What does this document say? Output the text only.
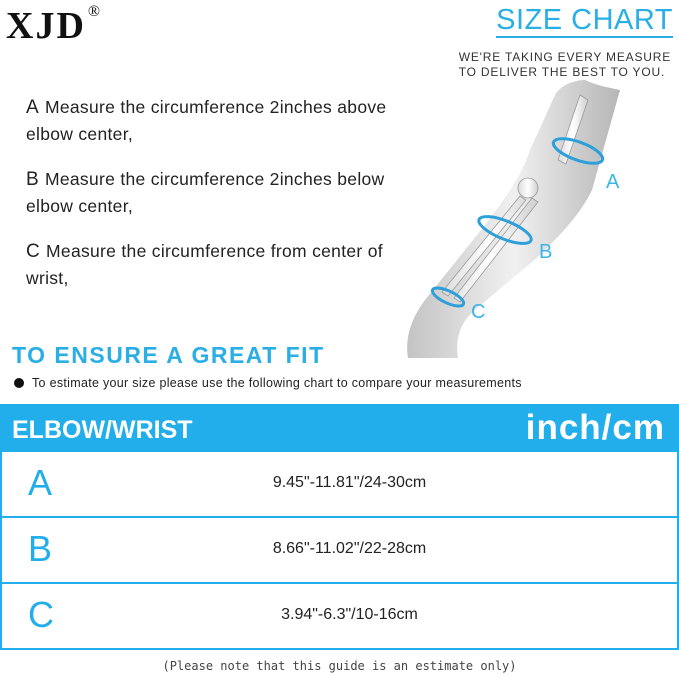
XJD ®	SIZE CHART
WE'RE TAKING EVERY MEASURE
TO DELIVER THE BEST TO YOU.
A Measure the circumference 2inches above elbow center,
B Measure the circumference 2inches below elbow center,
C Measure the circumference from center of wrist,
A
B
C
TO ENSURE A GREAT FIT
To estimate your size please use the following chart to compare your measurements
ELBOW/WRIST	inch/cm
A	9.45"-11.81"/24-30cm
B	8.66"-11.02"/22-28cm
C	3.94"-6.3"/10-16cm
(Please note that this guide is an estimate only)
